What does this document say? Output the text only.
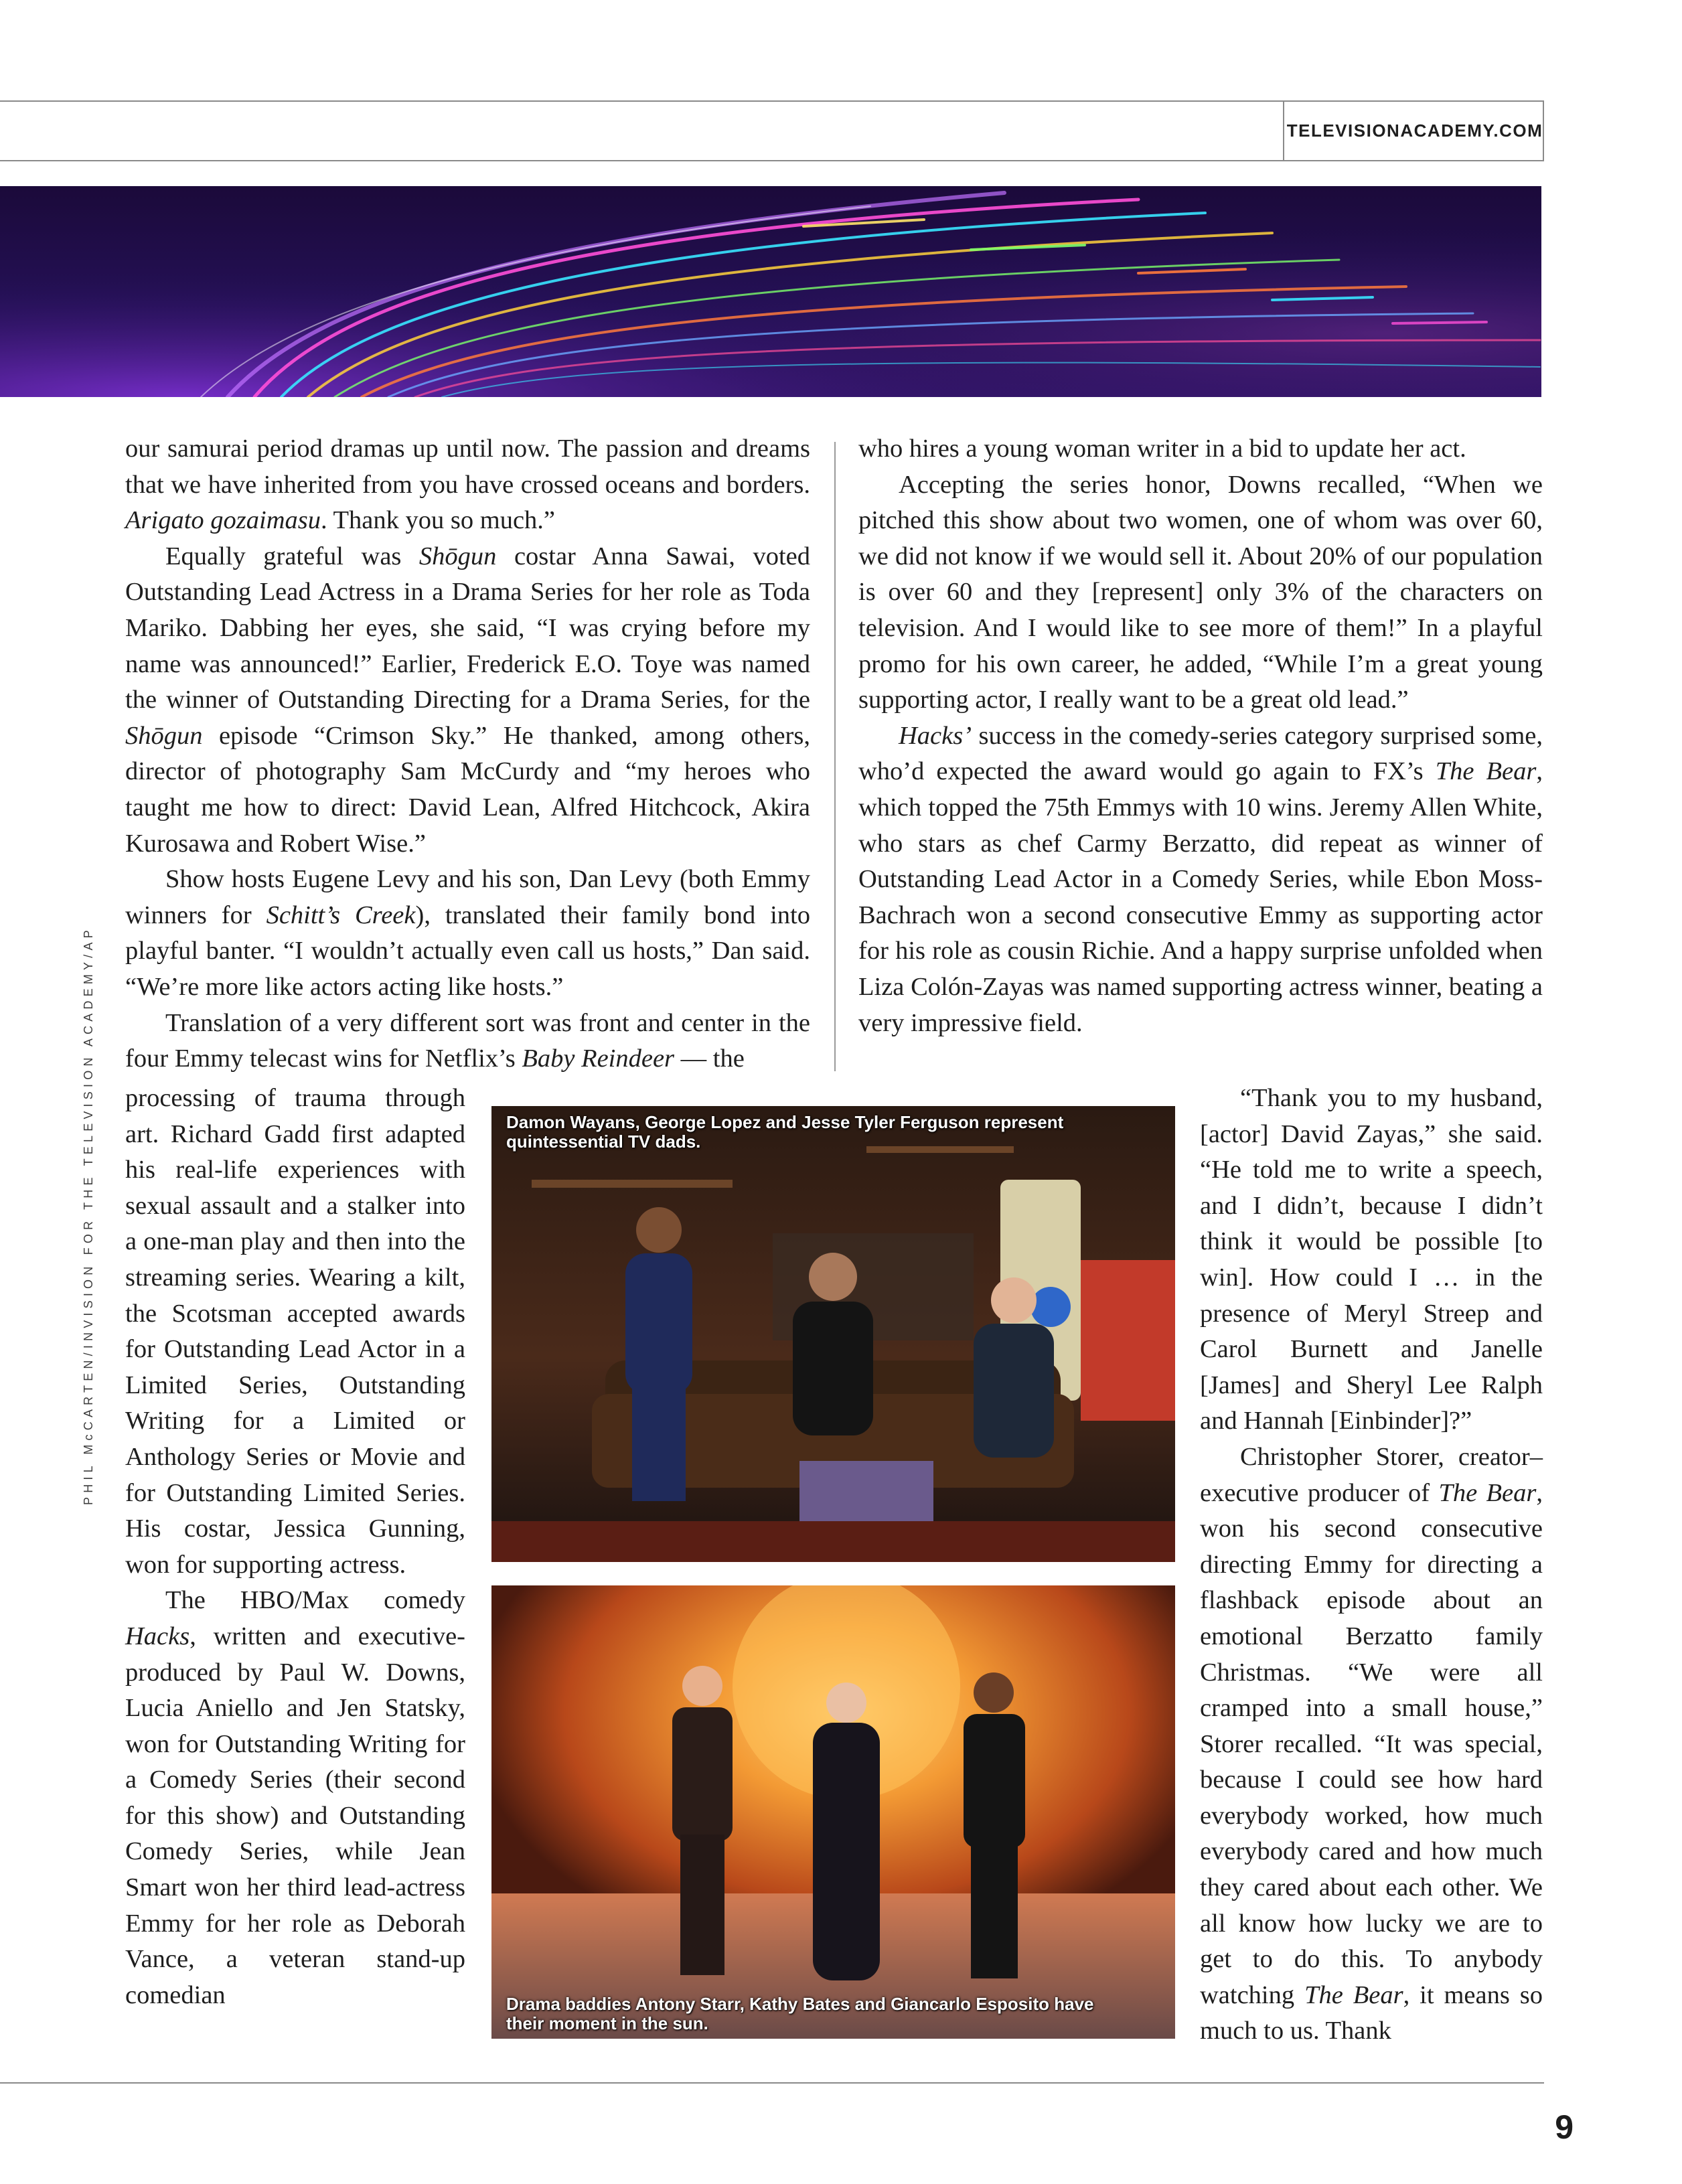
TELEVISIONACADEMY.COM

our samurai period dramas up until now. The passion and dreams that we have inherited from you have crossed oceans and borders. Arigato gozaimasu. Thank you so much.”

Equally grateful was Shōgun costar Anna Sawai, voted Outstanding Lead Actress in a Drama Series for her role as Toda Mariko. Dabbing her eyes, she said, “I was crying before my name was announced!” Earlier, Frederick E.O. Toye was named the winner of Outstanding Directing for a Drama Series, for the Shōgun episode “Crimson Sky.” He thanked, among others, director of photography Sam McCurdy and “my heroes who taught me how to direct: David Lean, Alfred Hitchcock, Akira Kurosawa and Robert Wise.”

Show hosts Eugene Levy and his son, Dan Levy (both Emmy winners for Schitt’s Creek), translated their family bond into playful banter. “I wouldn’t actually even call us hosts,” Dan said. “We’re more like actors acting like hosts.”

Translation of a very different sort was front and center in the four Emmy telecast wins for Netflix’s Baby Reindeer — the

who hires a young woman writer in a bid to update her act.

Accepting the series honor, Downs recalled, “When we pitched this show about two women, one of whom was over 60, we did not know if we would sell it. About 20% of our population is over 60 and they [represent] only 3% of the characters on television. And I would like to see more of them!” In a playful promo for his own career, he added, “While I’m a great young supporting actor, I really want to be a great old lead.”

Hacks’ success in the comedy-series category surprised some, who’d expected the award would go again to FX’s The Bear, which topped the 75th Emmys with 10 wins. Jeremy Allen White, who stars as chef Carmy Berzatto, did repeat as winner of Outstanding Lead Actor in a Comedy Series, while Ebon Moss-Bachrach won a second consecutive Emmy as supporting actor for his role as cousin Richie. And a happy surprise unfolded when Liza Colón-Zayas was named supporting actress winner, beating a very impressive field.

processing of trauma through art. Richard Gadd first adapted his real-life experiences with sexual assault and a stalker into a one-man play and then into the streaming series. Wearing a kilt, the Scotsman accepted awards for Outstanding Lead Actor in a Limited Series, Outstanding Writing for a Limited or Anthology Series or Movie and for Outstanding Limited Series. His costar, Jessica Gunning, won for supporting actress.

The HBO/Max comedy Hacks, written and executive-produced by Paul W. Downs, Lucia Aniello and Jen Statsky, won for Outstanding Writing for a Comedy Series (their second for this show) and Outstanding Comedy Series, while Jean Smart won her third lead-actress Emmy for her role as Deborah Vance, a veteran stand-up comedian

“Thank you to my husband, [actor] David Zayas,” she said. “He told me to write a speech, and I didn’t, because I didn’t think it would be possible [to win]. How could I … in the presence of Meryl Streep and Carol Burnett and Janelle [James] and Sheryl Lee Ralph and Hannah [Einbinder]?”

Christopher Storer, creator–executive producer of The Bear, won his second consecutive directing Emmy for directing a flashback episode about an emotional Berzatto family Christmas. “We were all cramped into a small house,” Storer recalled. “It was special, because I could see how hard everybody worked, how much everybody cared and how much they cared about each other. We all know how lucky we are to get to do this. To anybody watching The Bear, it means so much to us. Thank

Damon Wayans, George Lopez and Jesse Tyler Ferguson represent quintessential TV dads.
Drama baddies Antony Starr, Kathy Bates and Giancarlo Esposito have their moment in the sun.
PHIL McCARTEN/INVISION FOR THE TELEVISION ACADEMY/AP
9
